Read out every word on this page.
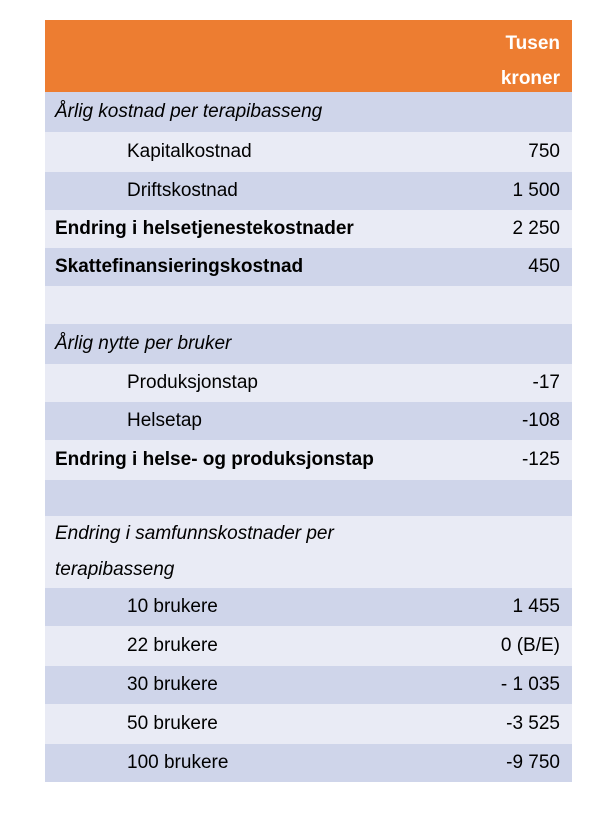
Tusen kroner
Årlig kostnad per terapibasseng
Kapitalkostnad	750
Driftskostnad	1 500
Endring i helsetjenestekostnader	2 250
Skattefinansieringskostnad	450
Årlig nytte per bruker
Produksjonstap	-17
Helsetap	-108
Endring i helse- og produksjonstap	-125
Endring i samfunnskostnader per terapibasseng
10 brukere	1 455
22 brukere	0 (B/E)
30 brukere	- 1 035
50 brukere	-3 525
100 brukere	-9 750
